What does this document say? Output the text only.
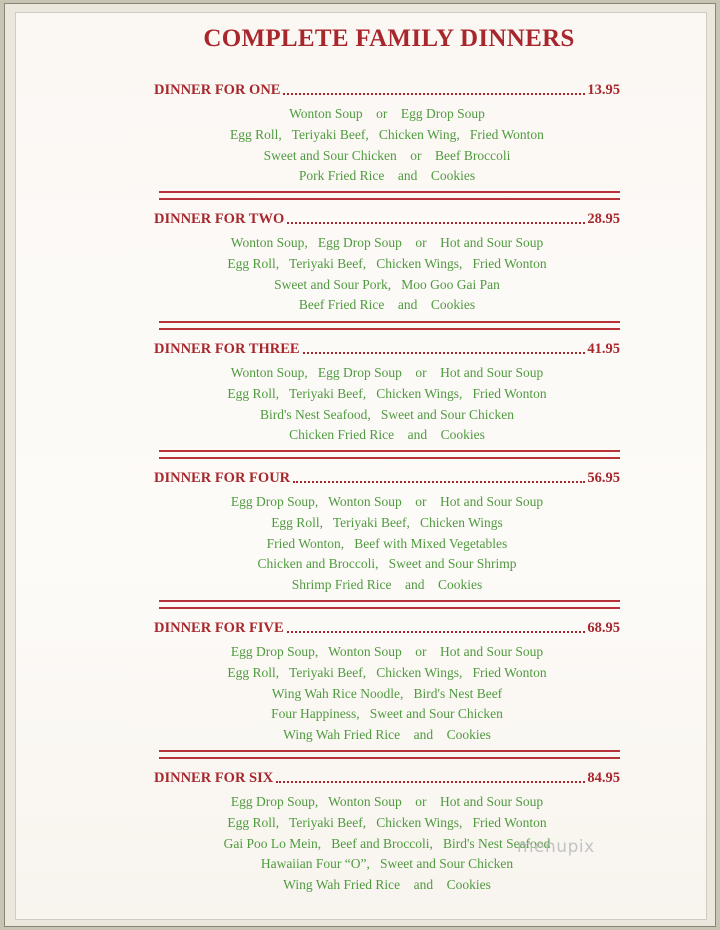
COMPLETE FAMILY DINNERS
DINNER FOR ONE	13.95
Wonton Soup    or    Egg Drop Soup
Egg Roll,   Teriyaki Beef,   Chicken Wing,   Fried Wonton
Sweet and Sour Chicken    or    Beef Broccoli
Pork Fried Rice    and    Cookies
DINNER FOR TWO	28.95
Wonton Soup,   Egg Drop Soup    or    Hot and Sour Soup
Egg Roll,   Teriyaki Beef,   Chicken Wings,   Fried Wonton
Sweet and Sour Pork,   Moo Goo Gai Pan
Beef Fried Rice    and    Cookies
DINNER FOR THREE	41.95
Wonton Soup,   Egg Drop Soup    or    Hot and Sour Soup
Egg Roll,   Teriyaki Beef,   Chicken Wings,   Fried Wonton
Bird's Nest Seafood,   Sweet and Sour Chicken
Chicken Fried Rice    and    Cookies
DINNER FOR FOUR	56.95
Egg Drop Soup,   Wonton Soup    or    Hot and Sour Soup
Egg Roll,   Teriyaki Beef,   Chicken Wings
Fried Wonton,   Beef with Mixed Vegetables
Chicken and Broccoli,   Sweet and Sour Shrimp
Shrimp Fried Rice    and    Cookies
DINNER FOR FIVE	68.95
Egg Drop Soup,   Wonton Soup    or    Hot and Sour Soup
Egg Roll,   Teriyaki Beef,   Chicken Wings,   Fried Wonton
Wing Wah Rice Noodle,   Bird's Nest Beef
Four Happiness,   Sweet and Sour Chicken
Wing Wah Fried Rice    and    Cookies
DINNER FOR SIX	84.95
Egg Drop Soup,   Wonton Soup    or    Hot and Sour Soup
Egg Roll,   Teriyaki Beef,   Chicken Wings,   Fried Wonton
Gai Poo Lo Mein,   Beef and Broccoli,   Bird's Nest Seafood
Hawaiian Four “O”,   Sweet and Sour Chicken
Wing Wah Fried Rice    and    Cookies
menupix
